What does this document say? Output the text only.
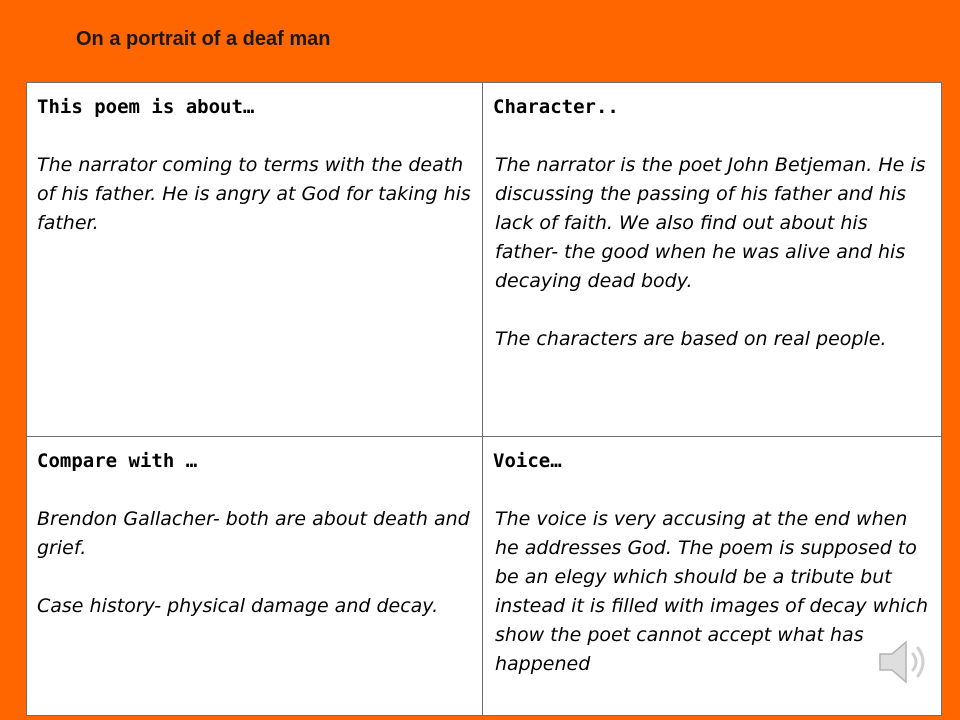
On a portrait of a deaf man
This poem is about…

The narrator coming to terms with the death of his father. He is angry at God for taking his father.

Character..

The narrator is the poet John Betjeman. He is discussing the passing of his father and his lack of faith. We also find out about his father- the good when he was alive and his decaying dead body.

The characters are based on real people.

Compare with …

Brendon Gallacher- both are about death and grief.

Case history- physical damage and decay.

Voice…

The voice is very accusing at the end when he addresses God. The poem is supposed to be an elegy which should be a tribute but instead it is filled with images of decay which show the poet cannot accept what has happened
